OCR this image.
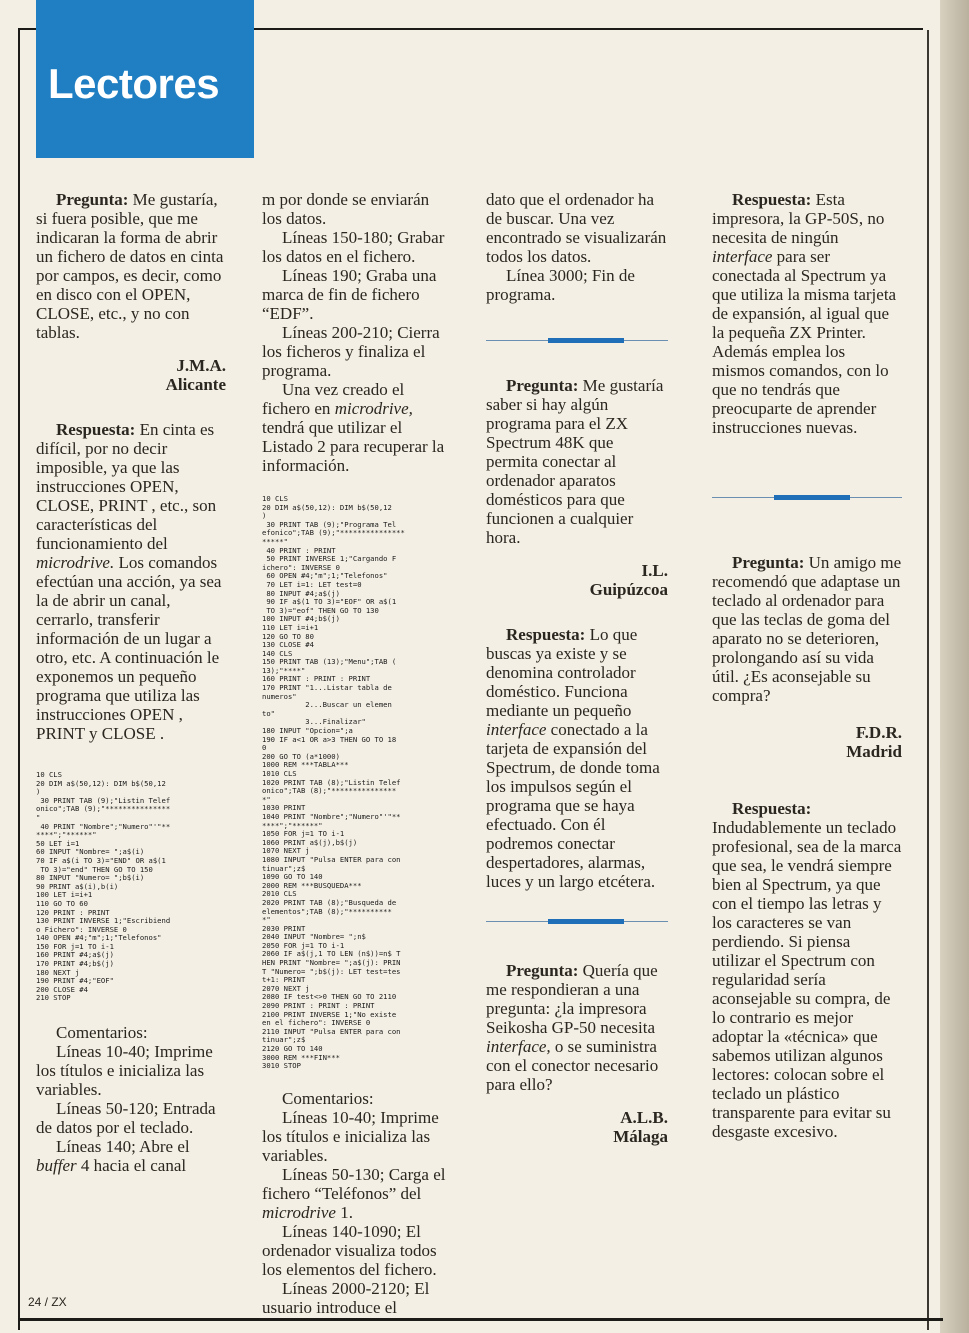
Lectores

Pregunta: Me gustaría, si fuera posible, que me indicaran la forma de abrir un fichero de datos en cinta por campos, es decir, como en disco con el OPEN, CLOSE, etc., y no con tablas.

J.M.A.

Alicante

Respuesta: En cinta es difícil, por no decir imposible, ya que las instrucciones OPEN, CLOSE, PRINT , etc., son características del funcionamiento del microdrive. Los comandos efectúan una acción, ya sea la de abrir un canal, cerrarlo, transferir información de un lugar a otro, etc. A continuación le exponemos un pequeño programa que utiliza las instrucciones OPEN , PRINT y CLOSE .

10 CLS
20 DIM a$(50,12): DIM b$(50,12
)
30 PRINT TAB (9);"Listin Telef
onico";TAB (9);"***************
"
40 PRINT "Nombre";"Numero"'"**
****";"******"
50 LET i=1
60 INPUT "Nombre= ";a$(i)
70 IF a$(i TO 3)="END" OR a$(1
TO 3)="end" THEN GO TO 150
80 INPUT "Numero= ";b$(i)
90 PRINT a$(i),b(i)
100 LET i=i+1
110 GO TO 60
120 PRINT : PRINT
130 PRINT INVERSE 1;"Escribiend
o Fichero": INVERSE 0
140 OPEN #4;"m";1;"Telefonos"
150 FOR j=1 TO i-1
160 PRINT #4;a$(j)
170 PRINT #4;b$(j)
180 NEXT j
190 PRINT #4;"EOF"
200 CLOSE #4
210 STOP

Comentarios:

Líneas 10-40; Imprime los títulos e inicializa las variables.

Líneas 50-120; Entrada de datos por el teclado.

Líneas 140; Abre el buffer 4 hacia el canal

m por donde se enviarán los datos.

Líneas 150-180; Grabar los datos en el fichero.

Líneas 190; Graba una marca de fin de fichero “EDF”.

Líneas 200-210; Cierra los ficheros y finaliza el programa.

Una vez creado el fichero en microdrive, tendrá que utilizar el Listado 2 para recuperar la información.

10 CLS
20 DIM a$(50,12): DIM b$(50,12
)
30 PRINT TAB (9);"Programa Tel
efonico";TAB (9);"***************
*****"
40 PRINT : PRINT
50 PRINT INVERSE 1;"Cargando F
ichero": INVERSE 0
60 OPEN #4;"m";1;"Telefonos"
70 LET i=1: LET test=0
80 INPUT #4;a$(j)
90 IF a$(1 TO 3)="EOF" OR a$(1
TO 3)="eof" THEN GO TO 130
100 INPUT #4;b$(j)
110 LET i=i+1
120 GO TO 80
130 CLOSE #4
140 CLS
150 PRINT TAB (13);"Menu";TAB (
13);"****"
160 PRINT : PRINT : PRINT
170 PRINT "1...Listar tabla de
numeros"
2...Buscar un elemen
to"
3...Finalizar"
180 INPUT "Opcion=";a
190 IF a<1 OR a>3 THEN GO TO 18
0
200 GO TO (a*1000)
1000 REM ***TABLA***
1010 CLS
1020 PRINT TAB (8);"Listin Telef
onico";TAB (8);"***************
*"
1030 PRINT
1040 PRINT "Nombre";"Numero"'"**
****";"******"
1050 FOR j=1 TO i-1
1060 PRINT a$(j),b$(j)
1070 NEXT j
1080 INPUT "Pulsa ENTER para con
tinuar";z$
1090 GO TO 140
2000 REM ***BUSQUEDA***
2010 CLS
2020 PRINT TAB (8);"Busqueda de
elementos";TAB (8);"**********
*"
2030 PRINT
2040 INPUT "Nombre= ";n$
2050 FOR j=1 TO i-1
2060 IF a$(j,1 TO LEN (n$))=n$ T
HEN PRINT "Nombre= ";a$(j): PRIN
T "Numero= ";b$(j): LET test=tes
t+1: PRINT
2070 NEXT j
2080 IF test<>0 THEN GO TO 2110
2090 PRINT : PRINT : PRINT
2100 PRINT INVERSE 1;"No existe
en el fichero": INVERSE 0
2110 INPUT "Pulsa ENTER para con
tinuar";z$
2120 GO TO 140
3000 REM ***FIN***
3010 STOP

Comentarios:

Líneas 10-40; Imprime los títulos e inicializa las variables.

Líneas 50-130; Carga el fichero “Teléfonos” del microdrive 1.

Líneas 140-1090; El ordenador visualiza todos los elementos del fichero.

Líneas 2000-2120; El usuario introduce el

dato que el ordenador ha de buscar. Una vez encontrado se visualizarán todos los datos.

Línea 3000; Fin de programa.

Pregunta: Me gustaría saber si hay algún programa para el ZX Spectrum 48K que permita conectar al ordenador aparatos domésticos para que funcionen a cualquier hora.

I.L.

Guipúzcoa

Respuesta: Lo que buscas ya existe y se denomina controlador doméstico. Funciona mediante un pequeño interface conectado a la tarjeta de expansión del Spectrum, de donde toma los impulsos según el programa que se haya efectuado. Con él podremos conectar despertadores, alarmas, luces y un largo etcétera.

Pregunta: Quería que me respondieran a una pregunta: ¿la impresora Seikosha GP-50 necesita interface, o se suministra con el conector necesario para ello?

A.L.B.

Málaga

Respuesta: Esta impresora, la GP-50S, no necesita de ningún interface para ser conectada al Spectrum ya que utiliza la misma tarjeta de expansión, al igual que la pequeña ZX Printer. Además emplea los mismos comandos, con lo que no tendrás que preocuparte de aprender instrucciones nuevas.

Pregunta: Un amigo me recomendó que adaptase un teclado al ordenador para que las teclas de goma del aparato no se deterioren, prolongando así su vida útil. ¿Es aconsejable su compra?

F.D.R.

Madrid

Respuesta: Indudablemente un teclado profesional, sea de la marca que sea, le vendrá siempre bien al Spectrum, ya que con el tiempo las letras y los caracteres se van perdiendo. Si piensa utilizar el Spectrum con regularidad sería aconsejable su compra, de lo contrario es mejor adoptar la «técnica» que sabemos utilizan algunos lectores: colocan sobre el teclado un plástico transparente para evitar su desgaste excesivo.

24 / ZX
